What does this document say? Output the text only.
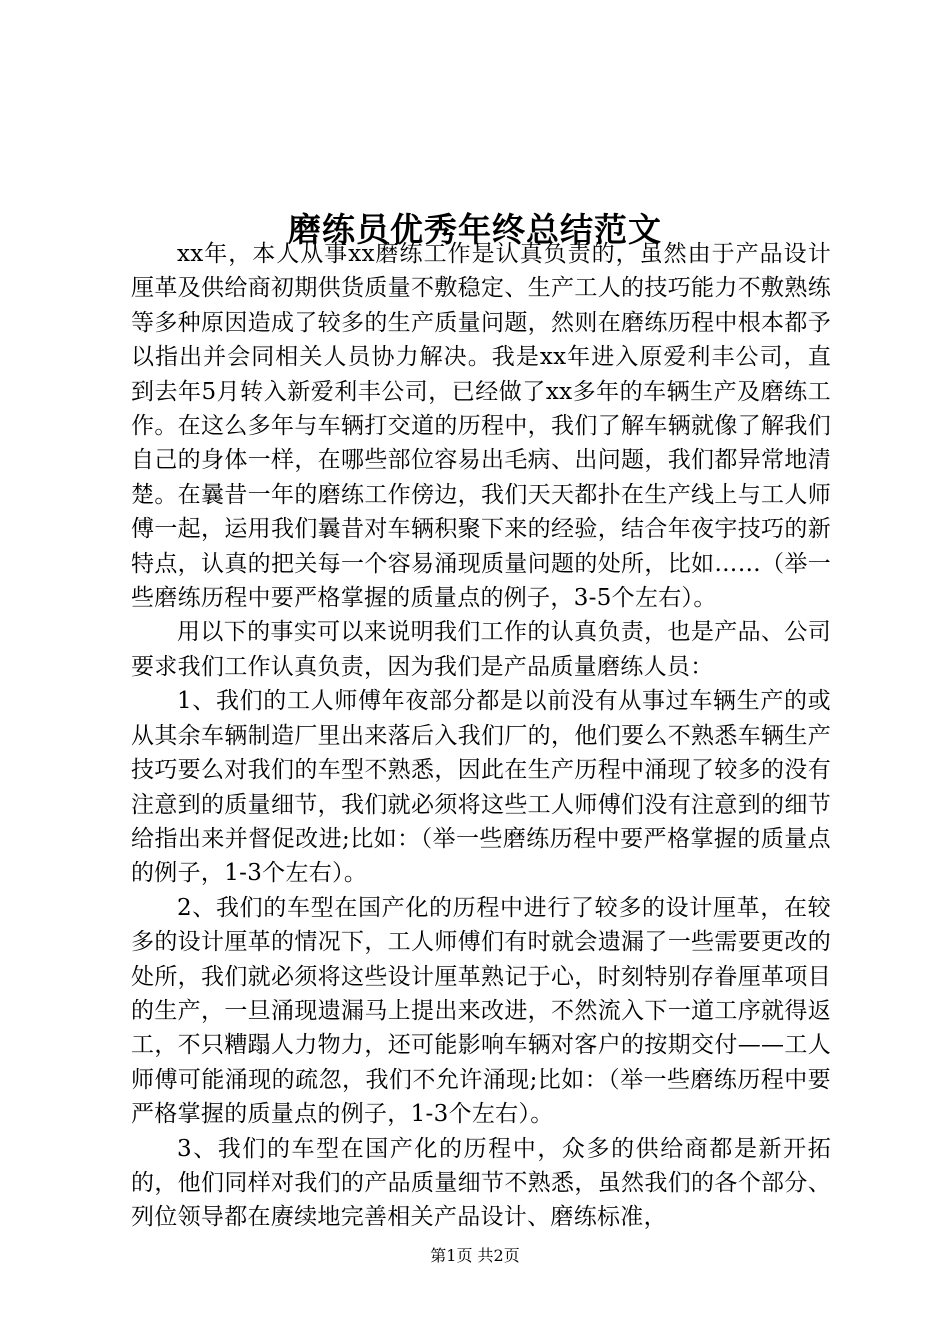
磨练员优秀年终总结范文

xx年，本人从事xx磨练工作是认真负责的，虽然由于产品设计厘革及供给商初期供货质量不敷稳定、生产工人的技巧能力不敷熟练等多种原因造成了较多的生产质量问题，然则在磨练历程中根本都予以指出并会同相关人员协力解决。我是xx年进入原爱利丰公司，直到去年5月转入新爱利丰公司，已经做了xx多年的车辆生产及磨练工作。在这么多年与车辆打交道的历程中，我们了解车辆就像了解我们自己的身体一样，在哪些部位容易出毛病、出问题，我们都异常地清楚。在曩昔一年的磨练工作傍边，我们天天都扑在生产线上与工人师傅一起，运用我们曩昔对车辆积聚下来的经验，结合年夜宇技巧的新特点，认真的把关每一个容易涌现质量问题的处所，比如……（举一些磨练历程中要严格掌握的质量点的例子，3-5个左右）。

用以下的事实可以来说明我们工作的认真负责，也是产品、公司要求我们工作认真负责，因为我们是产品质量磨练人员：

1、我们的工人师傅年夜部分都是以前没有从事过车辆生产的或从其余车辆制造厂里出来落后入我们厂的，他们要么不熟悉车辆生产技巧要么对我们的车型不熟悉，因此在生产历程中涌现了较多的没有注意到的质量细节，我们就必须将这些工人师傅们没有注意到的细节给指出来并督促改进;比如：（举一些磨练历程中要严格掌握的质量点的例子，1-3个左右）。

2、我们的车型在国产化的历程中进行了较多的设计厘革，在较多的设计厘革的情况下，工人师傅们有时就会遗漏了一些需要更改的处所，我们就必须将这些设计厘革熟记于心，时刻特别存眷厘革项目的生产，一旦涌现遗漏马上提出来改进，不然流入下一道工序就得返工，不只糟蹋人力物力，还可能影响车辆对客户的按期交付——工人师傅可能涌现的疏忽，我们不允许涌现;比如：（举一些磨练历程中要严格掌握的质量点的例子，1-3个左右）。

3、我们的车型在国产化的历程中，众多的供给商都是新开拓的，他们同样对我们的产品质量细节不熟悉，虽然我们的各个部分、列位领导都在赓续地完善相关产品设计、磨练标准，

第1页 共2页
